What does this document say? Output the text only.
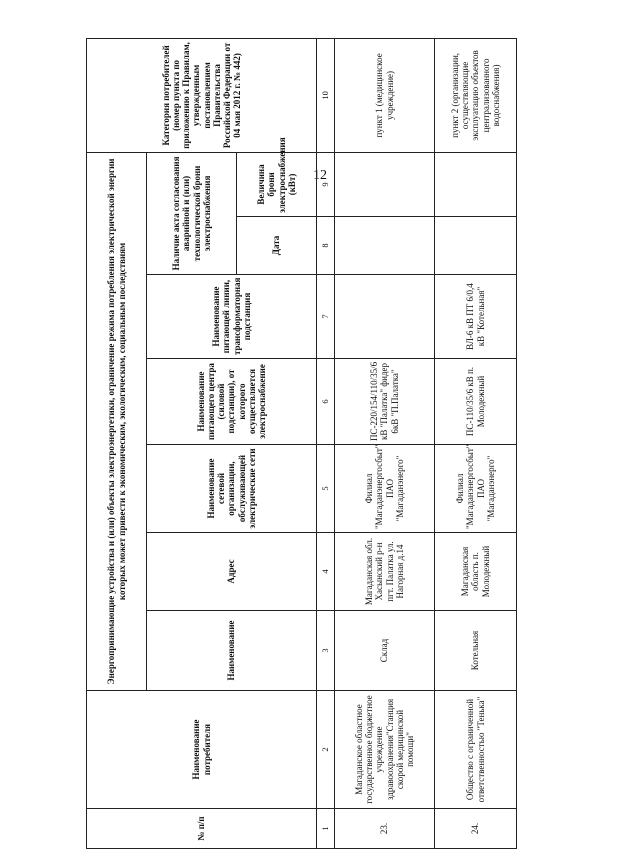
12
№ п/п	Наименование потребителя	Энергопринимающие устройства и (или) объекты электроэнергетики, ограничение режима потребления электрической энергии которых может привести к экономическим, экологическим, социальным последствиям							Категория потребителей (номер пункта по приложению к Правилам, утвержденным постановлением Правительства Российской Федерации от 04 мая 2012 г. № 442)
		Наименование	Адрес	Наименование сетевой организации, обслуживающей электрические сети	Наименование питающего центра (силовой подстанции), от которого осуществляется электроснабжение	Наименование питающей линии, трансформаторная подстанция	Наличие акта согласования аварийной и (или) технологической брони электроснабжения		
							Дата	Величина брони электроснабжения (кВт)	
1	2	3	4	5	6	7	8	9	10
23.	Магаданское областное государственное бюджетное учреждение здравоохранения"Станция скорой медицинской помощи"	Склад	Магаданская обл. Хасынский р-н пгт. Палатка ул. Нагорная д.14	Филиал "Магаданэнергосбыт" ПАО "Магаданэнерго"	ПС-220/154/110/35/6 кВ "Палатка" фидер 6кВ "П.Палатка"				пункт 1 (медицинское учреждение)
24.	Общество с ограниченной ответственностью "Тенька"	Котельная	Магаданская область п. Молодежный	Филиал "Магаданэнергосбыт" ПАО "Магаданэнерго"	ПС-110/35/6 кВ п. Молодежный	ВЛ-6 кВ ПТ 6/0,4 кВ "Котельная"			пункт 2 (организации, осуществляющие эксплуатацию объектов централизованного водоснабжения)
